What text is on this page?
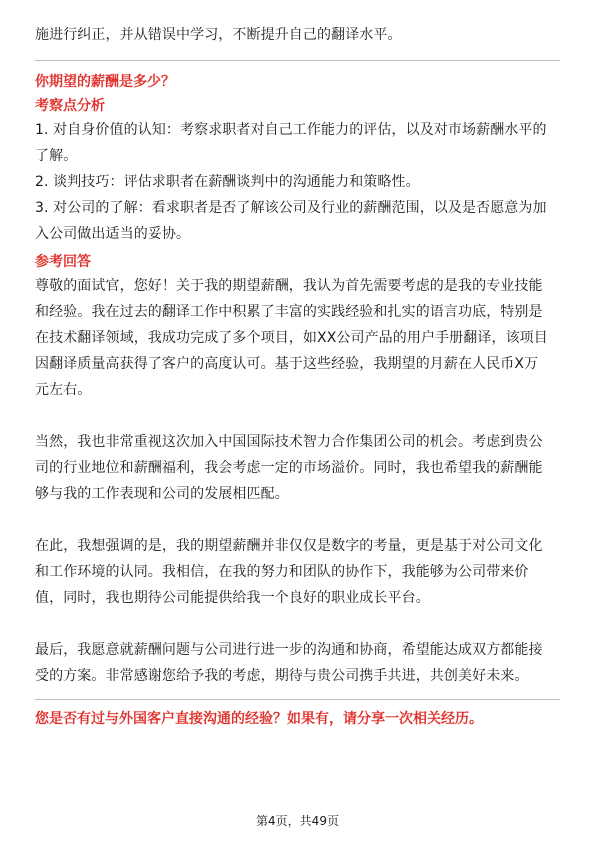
施进行纠正，并从错误中学习，不断提升自己的翻译水平。
你期望的薪酬是多少？
考察点分析
1. 对自身价值的认知：考察求职者对自己工作能力的评估，以及对市场薪酬水平的
了解。
2. 谈判技巧：评估求职者在薪酬谈判中的沟通能力和策略性。
3. 对公司的了解：看求职者是否了解该公司及行业的薪酬范围，以及是否愿意为加
入公司做出适当的妥协。
参考回答
尊敬的面试官，您好！关于我的期望薪酬，我认为首先需要考虑的是我的专业技能
和经验。我在过去的翻译工作中积累了丰富的实践经验和扎实的语言功底，特别是
在技术翻译领域，我成功完成了多个项目，如XX公司产品的用户手册翻译，该项目
因翻译质量高获得了客户的高度认可。基于这些经验，我期望的月薪在人民币X万
元左右。
当然，我也非常重视这次加入中国国际技术智力合作集团公司的机会。考虑到贵公
司的行业地位和薪酬福利，我会考虑一定的市场溢价。同时，我也希望我的薪酬能
够与我的工作表现和公司的发展相匹配。
在此，我想强调的是，我的期望薪酬并非仅仅是数字的考量，更是基于对公司文化
和工作环境的认同。我相信，在我的努力和团队的协作下，我能够为公司带来价
值，同时，我也期待公司能提供给我一个良好的职业成长平台。
最后，我愿意就薪酬问题与公司进行进一步的沟通和协商，希望能达成双方都能接
受的方案。非常感谢您给予我的考虑，期待与贵公司携手共进，共创美好未来。
您是否有过与外国客户直接沟通的经验？如果有，请分享一次相关经历。
第4页，共49页
